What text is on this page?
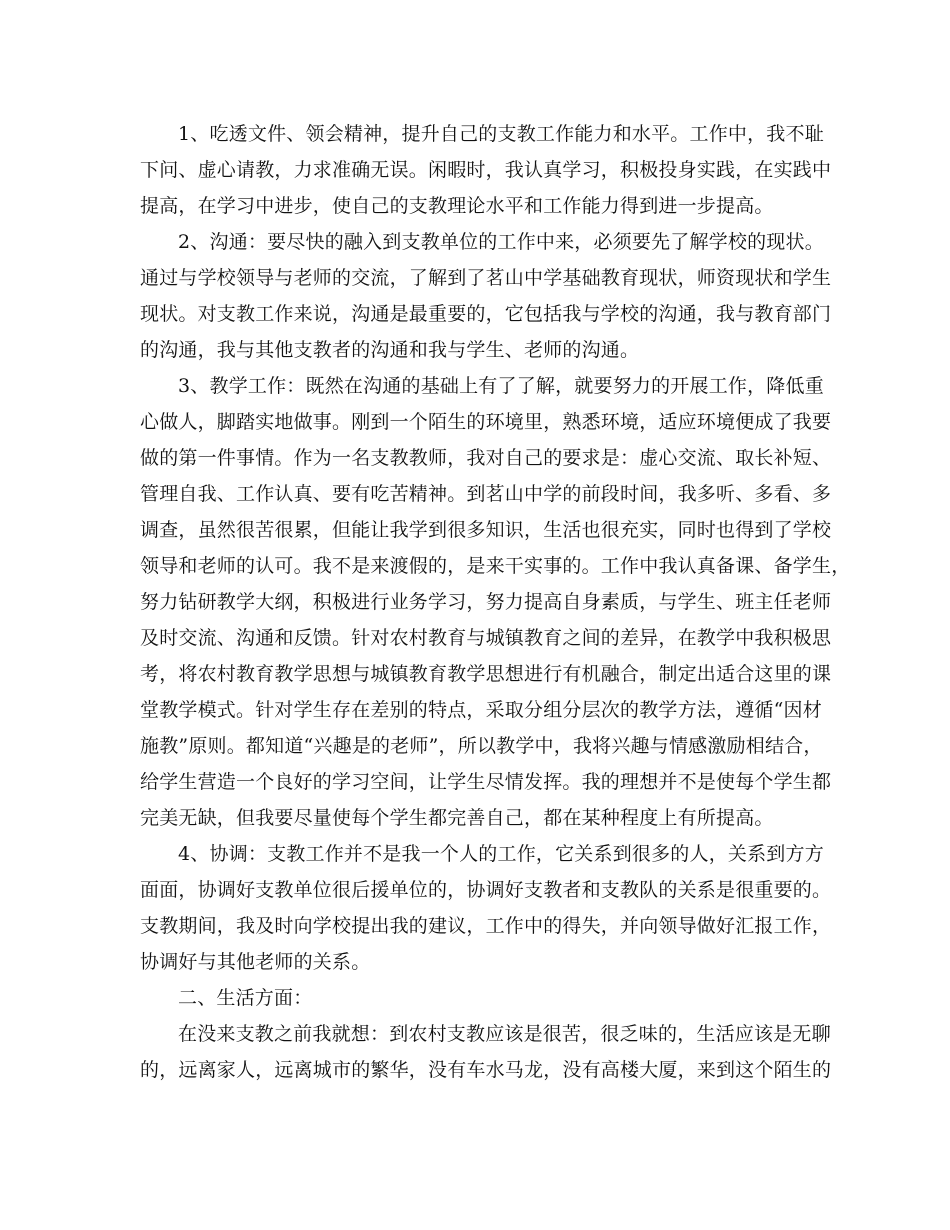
1、吃透文件、领会精神，提升自己的支教工作能力和水平。工作中，我不耻
下问、虚心请教，力求准确无误。闲暇时，我认真学习，积极投身实践，在实践中
提高，在学习中进步，使自己的支教理论水平和工作能力得到进一步提高。

2、沟通：要尽快的融入到支教单位的工作中来，必须要先了解学校的现状。
通过与学校领导与老师的交流，了解到了茗山中学基础教育现状，师资现状和学生
现状。对支教工作来说，沟通是最重要的，它包括我与学校的沟通，我与教育部门
的沟通，我与其他支教者的沟通和我与学生、老师的沟通。

3、教学工作：既然在沟通的基础上有了了解，就要努力的开展工作，降低重
心做人，脚踏实地做事。刚到一个陌生的环境里，熟悉环境，适应环境便成了我要
做的第一件事情。作为一名支教教师，我对自己的要求是：虚心交流、取长补短、
管理自我、工作认真、要有吃苦精神。到茗山中学的前段时间，我多听、多看、多
调查，虽然很苦很累，但能让我学到很多知识，生活也很充实，同时也得到了学校
领导和老师的认可。我不是来渡假的，是来干实事的。工作中我认真备课、备学生，
努力钻研教学大纲，积极进行业务学习，努力提高自身素质，与学生、班主任老师
及时交流、沟通和反馈。针对农村教育与城镇教育之间的差异，在教学中我积极思
考，将农村教育教学思想与城镇教育教学思想进行有机融合，制定出适合这里的课
堂教学模式。针对学生存在差别的特点，采取分组分层次的教学方法，遵循“因材
施教”原则。都知道“兴趣是的老师”，所以教学中，我将兴趣与情感激励相结合，
给学生营造一个良好的学习空间，让学生尽情发挥。我的理想并不是使每个学生都
完美无缺，但我要尽量使每个学生都完善自己，都在某种程度上有所提高。

4、协调：支教工作并不是我一个人的工作，它关系到很多的人，关系到方方
面面，协调好支教单位很后援单位的，协调好支教者和支教队的关系是很重要的。
支教期间，我及时向学校提出我的建议，工作中的得失，并向领导做好汇报工作，
协调好与其他老师的关系。

二、生活方面：

在没来支教之前我就想：到农村支教应该是很苦，很乏味的，生活应该是无聊
的，远离家人，远离城市的繁华，没有车水马龙，没有高楼大厦，来到这个陌生的
